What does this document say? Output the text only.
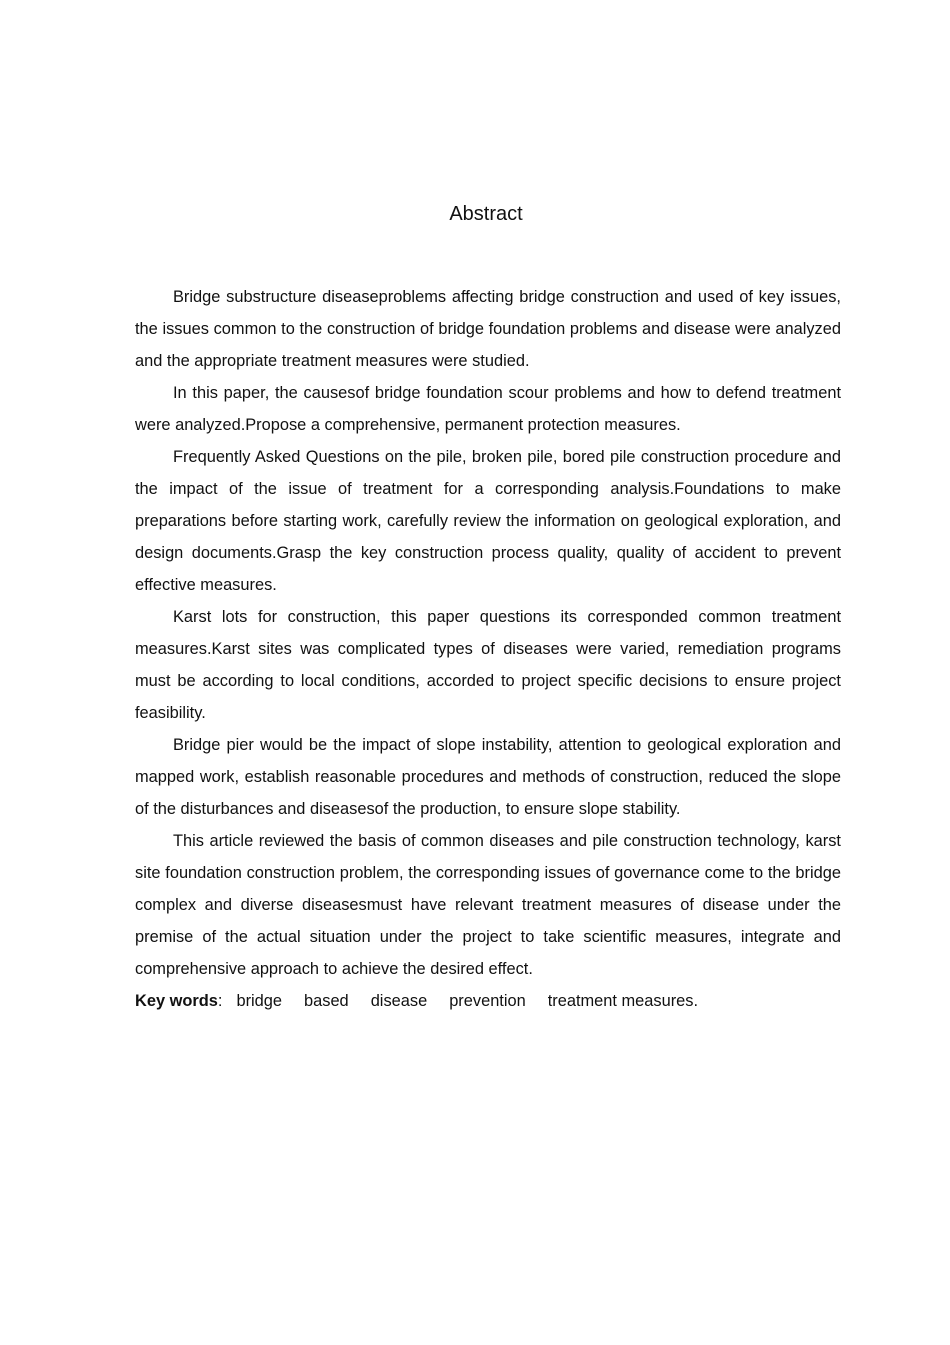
Abstract

Bridge substructure diseaseproblems affecting bridge construction and used of key issues, the issues common to the construction of bridge foundation problems and disease were analyzed and the appropriate treatment measures were studied.

In this paper, the causesof bridge foundation scour problems and how to defend treatment were analyzed.Propose a comprehensive, permanent protection measures.

Frequently Asked Questions on the pile, broken pile, bored pile construction procedure and the impact of the issue of treatment for a corresponding analysis.Foundations to make preparations before starting work, carefully review the information on geological exploration, and design documents.Grasp the key construction process quality, quality of accident to prevent effective measures.

Karst lots for construction, this paper questions its corresponded common treatment measures.Karst sites was complicated types of diseases were varied, remediation programs must be according to local conditions, accorded to project specific decisions to ensure project feasibility.

Bridge pier would be the impact of slope instability, attention to geological exploration and mapped work, establish reasonable procedures and methods of construction, reduced the slope of the disturbances and diseasesof the production, to ensure slope stability.

This article reviewed the basis of common diseases and pile construction technology, karst site foundation construction problem, the corresponding issues of governance come to the bridge complex and diverse diseasesmust have relevant treatment measures of disease under the premise of the actual situation under the project to take scientific measures, integrate and comprehensive approach to achieve the desired effect.

Key words: bridge based disease prevention treatment measures.
